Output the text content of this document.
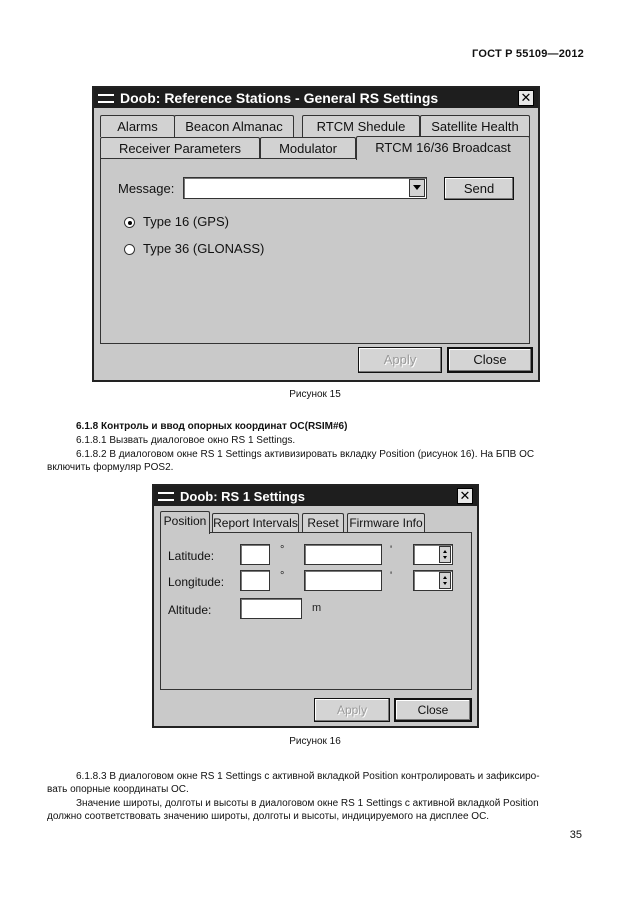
ГОСТ Р 55109—2012
Doob: Reference Stations - General RS Settings	✕
Alarms	Beacon Almanac	RTCM Shedule	Satellite Health
Receiver Parameters	Modulator	RTCM 16/36 Broadcast
Message:	Send
Type 16 (GPS)
Type 36 (GLONASS)
Apply	Close
Рисунок 15
6.1.8 Контроль и ввод опорных координат ОС(RSIM#6)
6.1.8.1 Вызвать диалоговое окно RS 1 Settings.
6.1.8.2 В диалоговом окне RS 1 Settings активизировать вкладку Position (рисунок 16). На БПВ ОС
включить формуляр POS2.
Doob: RS 1 Settings	✕
Report Intervals Reset Firmware Info
Position
Latitude:	°	'
Longitude:	°	'
Altitude:	m
Apply	Close
Рисунок 16
6.1.8.3 В диалоговом окне RS 1 Settings с активной вкладкой Position контролировать и зафиксиро-
вать опорные координаты ОС.
Значение широты, долготы и высоты в диалоговом окне RS 1 Settings с активной вкладкой Position
должно соответствовать значению широты, долготы и высоты, индицируемого на дисплее ОС.
35
